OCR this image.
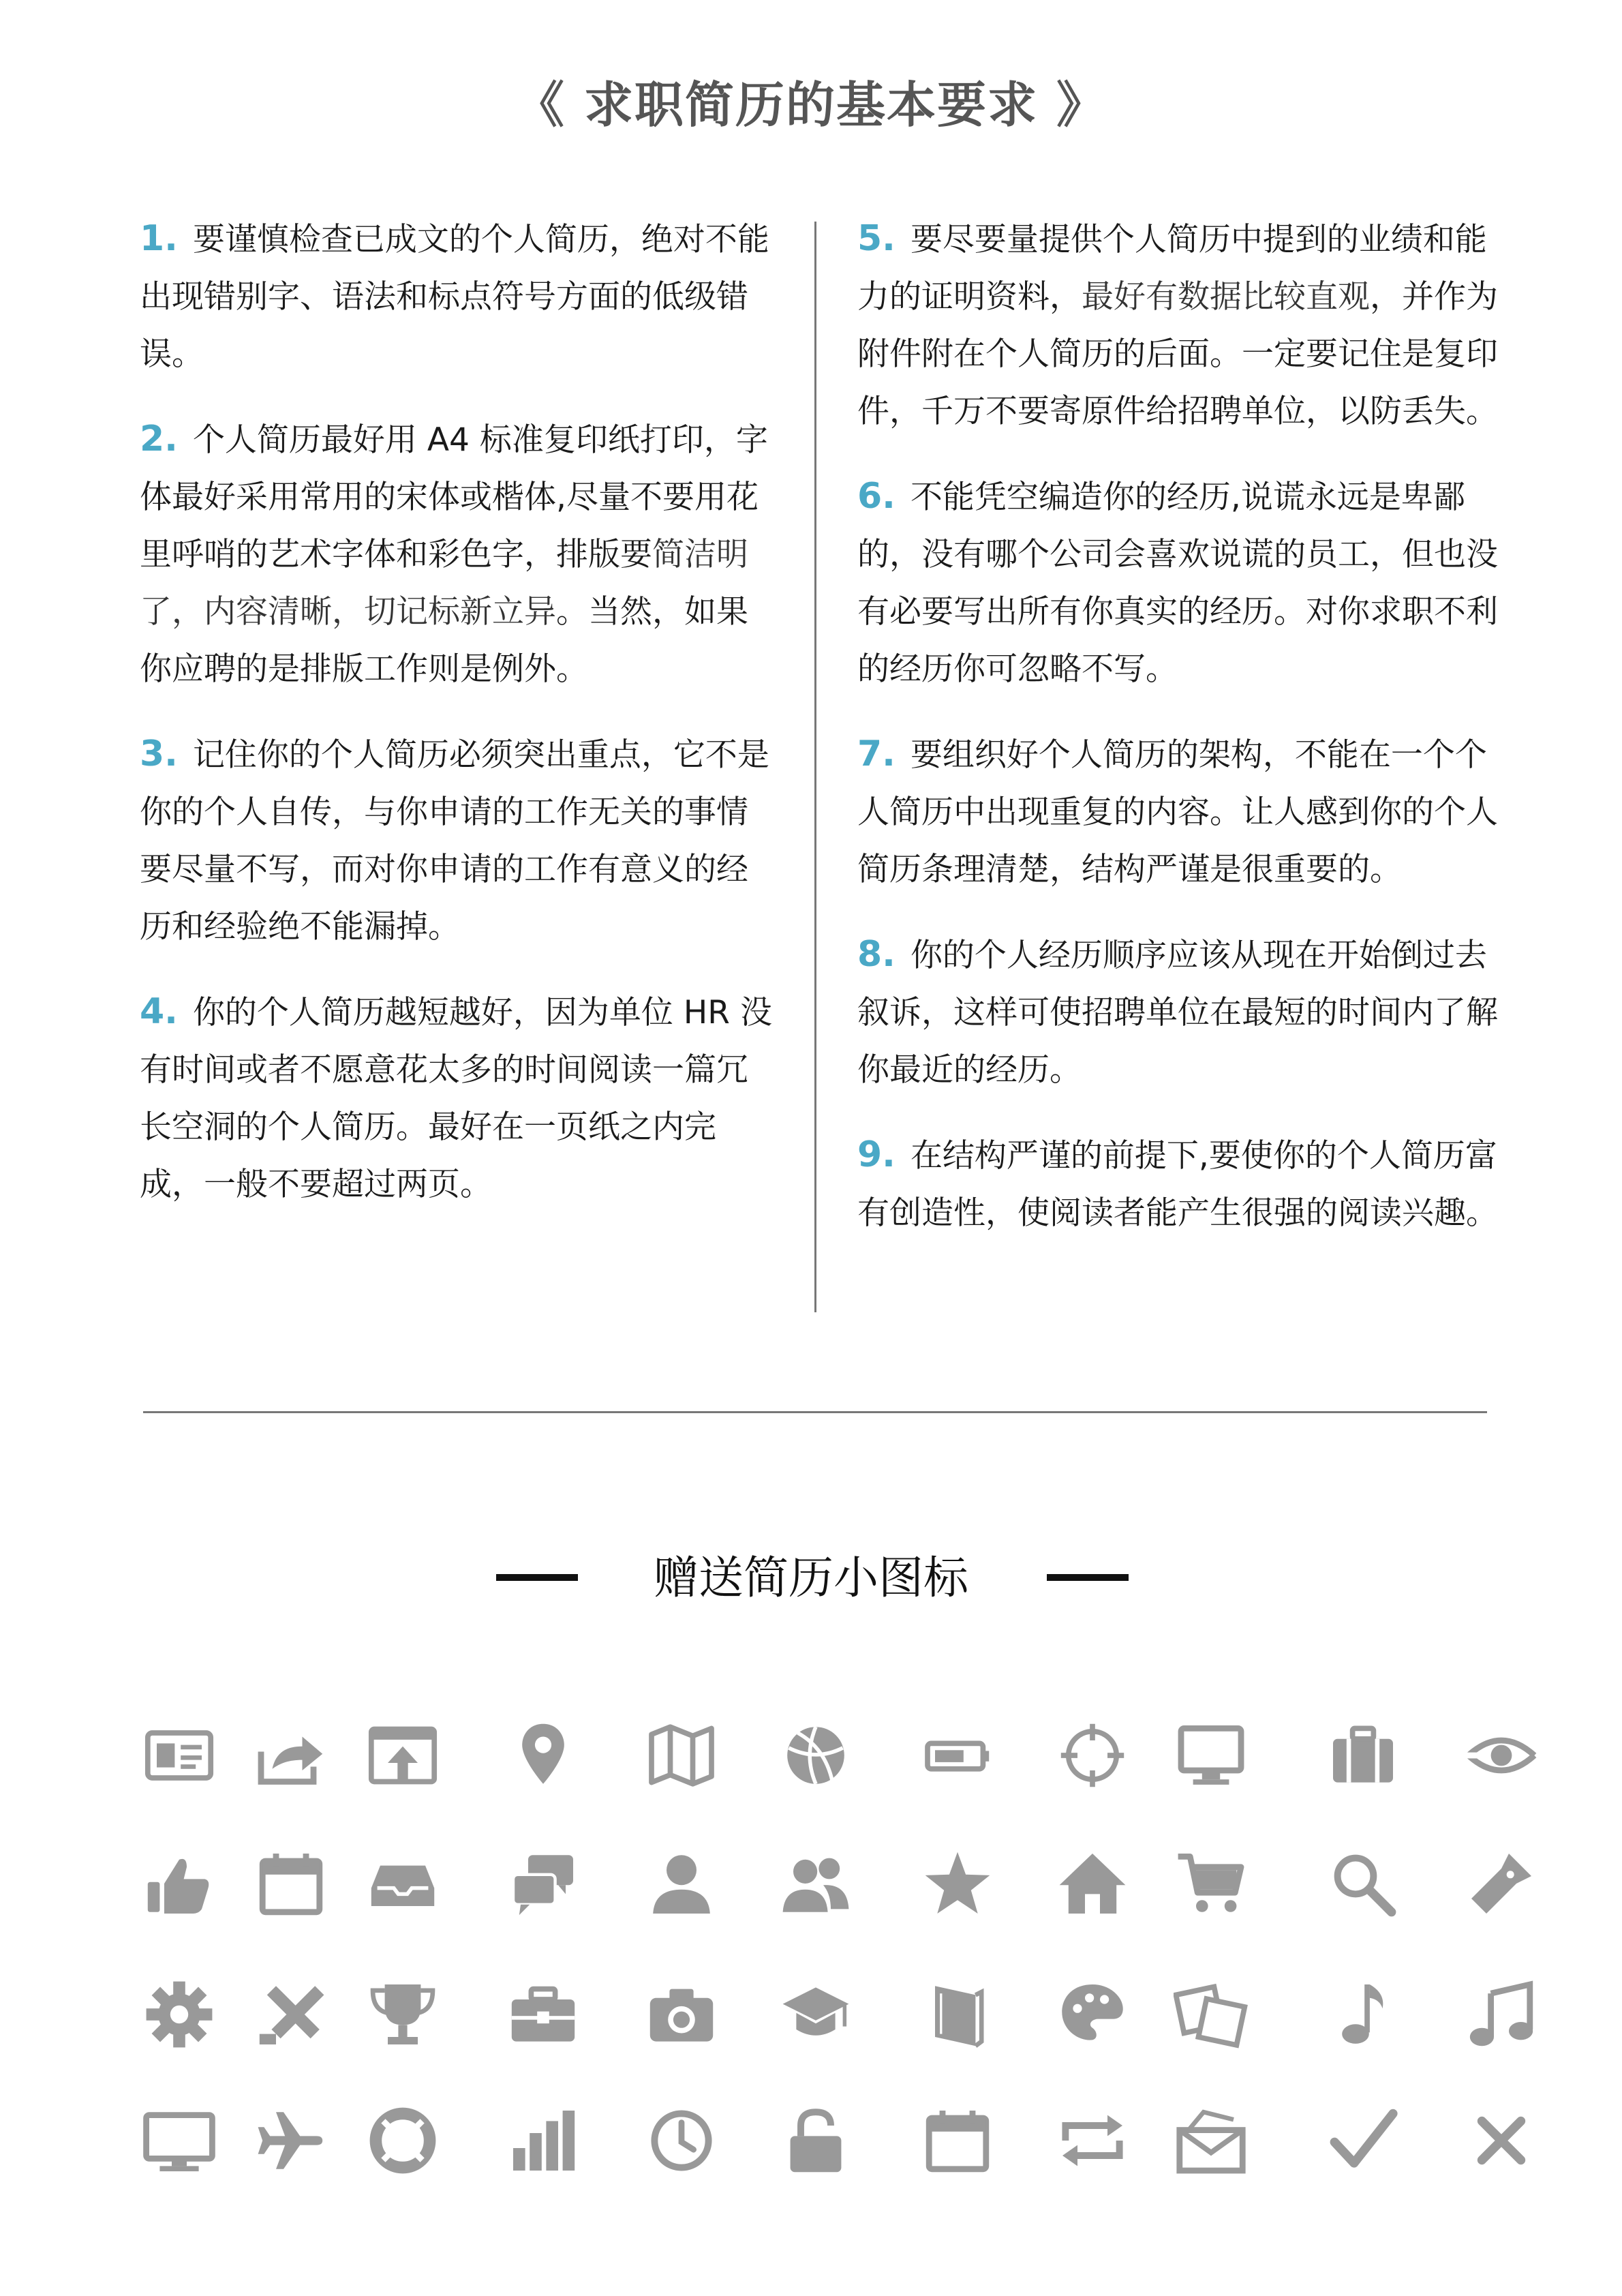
《 求职简历的基本要求 》
1. 要谨慎检查已成文的个人简历，绝对不能出现错别字、语法和标点符号方面的低级错误。
2. 个人简历最好用 A4 标准复印纸打印，字体最好采用常用的宋体或楷体,尽量不要用花里呼哨的艺术字体和彩色字，排版要简洁明了，内容清晰，切记标新立异。当然，如果你应聘的是排版工作则是例外。
3. 记住你的个人简历必须突出重点，它不是你的个人自传，与你申请的工作无关的事情要尽量不写，而对你申请的工作有意义的经历和经验绝不能漏掉。
4. 你的个人简历越短越好，因为单位 HR 没有时间或者不愿意花太多的时间阅读一篇冗长空洞的个人简历。最好在一页纸之内完成，一般不要超过两页。
5. 要尽要量提供个人简历中提到的业绩和能力的证明资料，最好有数据比较直观，并作为附件附在个人简历的后面。一定要记住是复印件，千万不要寄原件给招聘单位，以防丢失。
6. 不能凭空编造你的经历,说谎永远是卑鄙的，没有哪个公司会喜欢说谎的员工，但也没有必要写出所有你真实的经历。对你求职不利的经历你可忽略不写。
7. 要组织好个人简历的架构，不能在一个个人简历中出现重复的内容。让人感到你的个人简历条理清楚，结构严谨是很重要的。
8. 你的个人经历顺序应该从现在开始倒过去叙诉，这样可使招聘单位在最短的时间内了解你最近的经历。
9. 在结构严谨的前提下,要使你的个人简历富有创造性，使阅读者能产生很强的阅读兴趣。
赠送简历小图标
